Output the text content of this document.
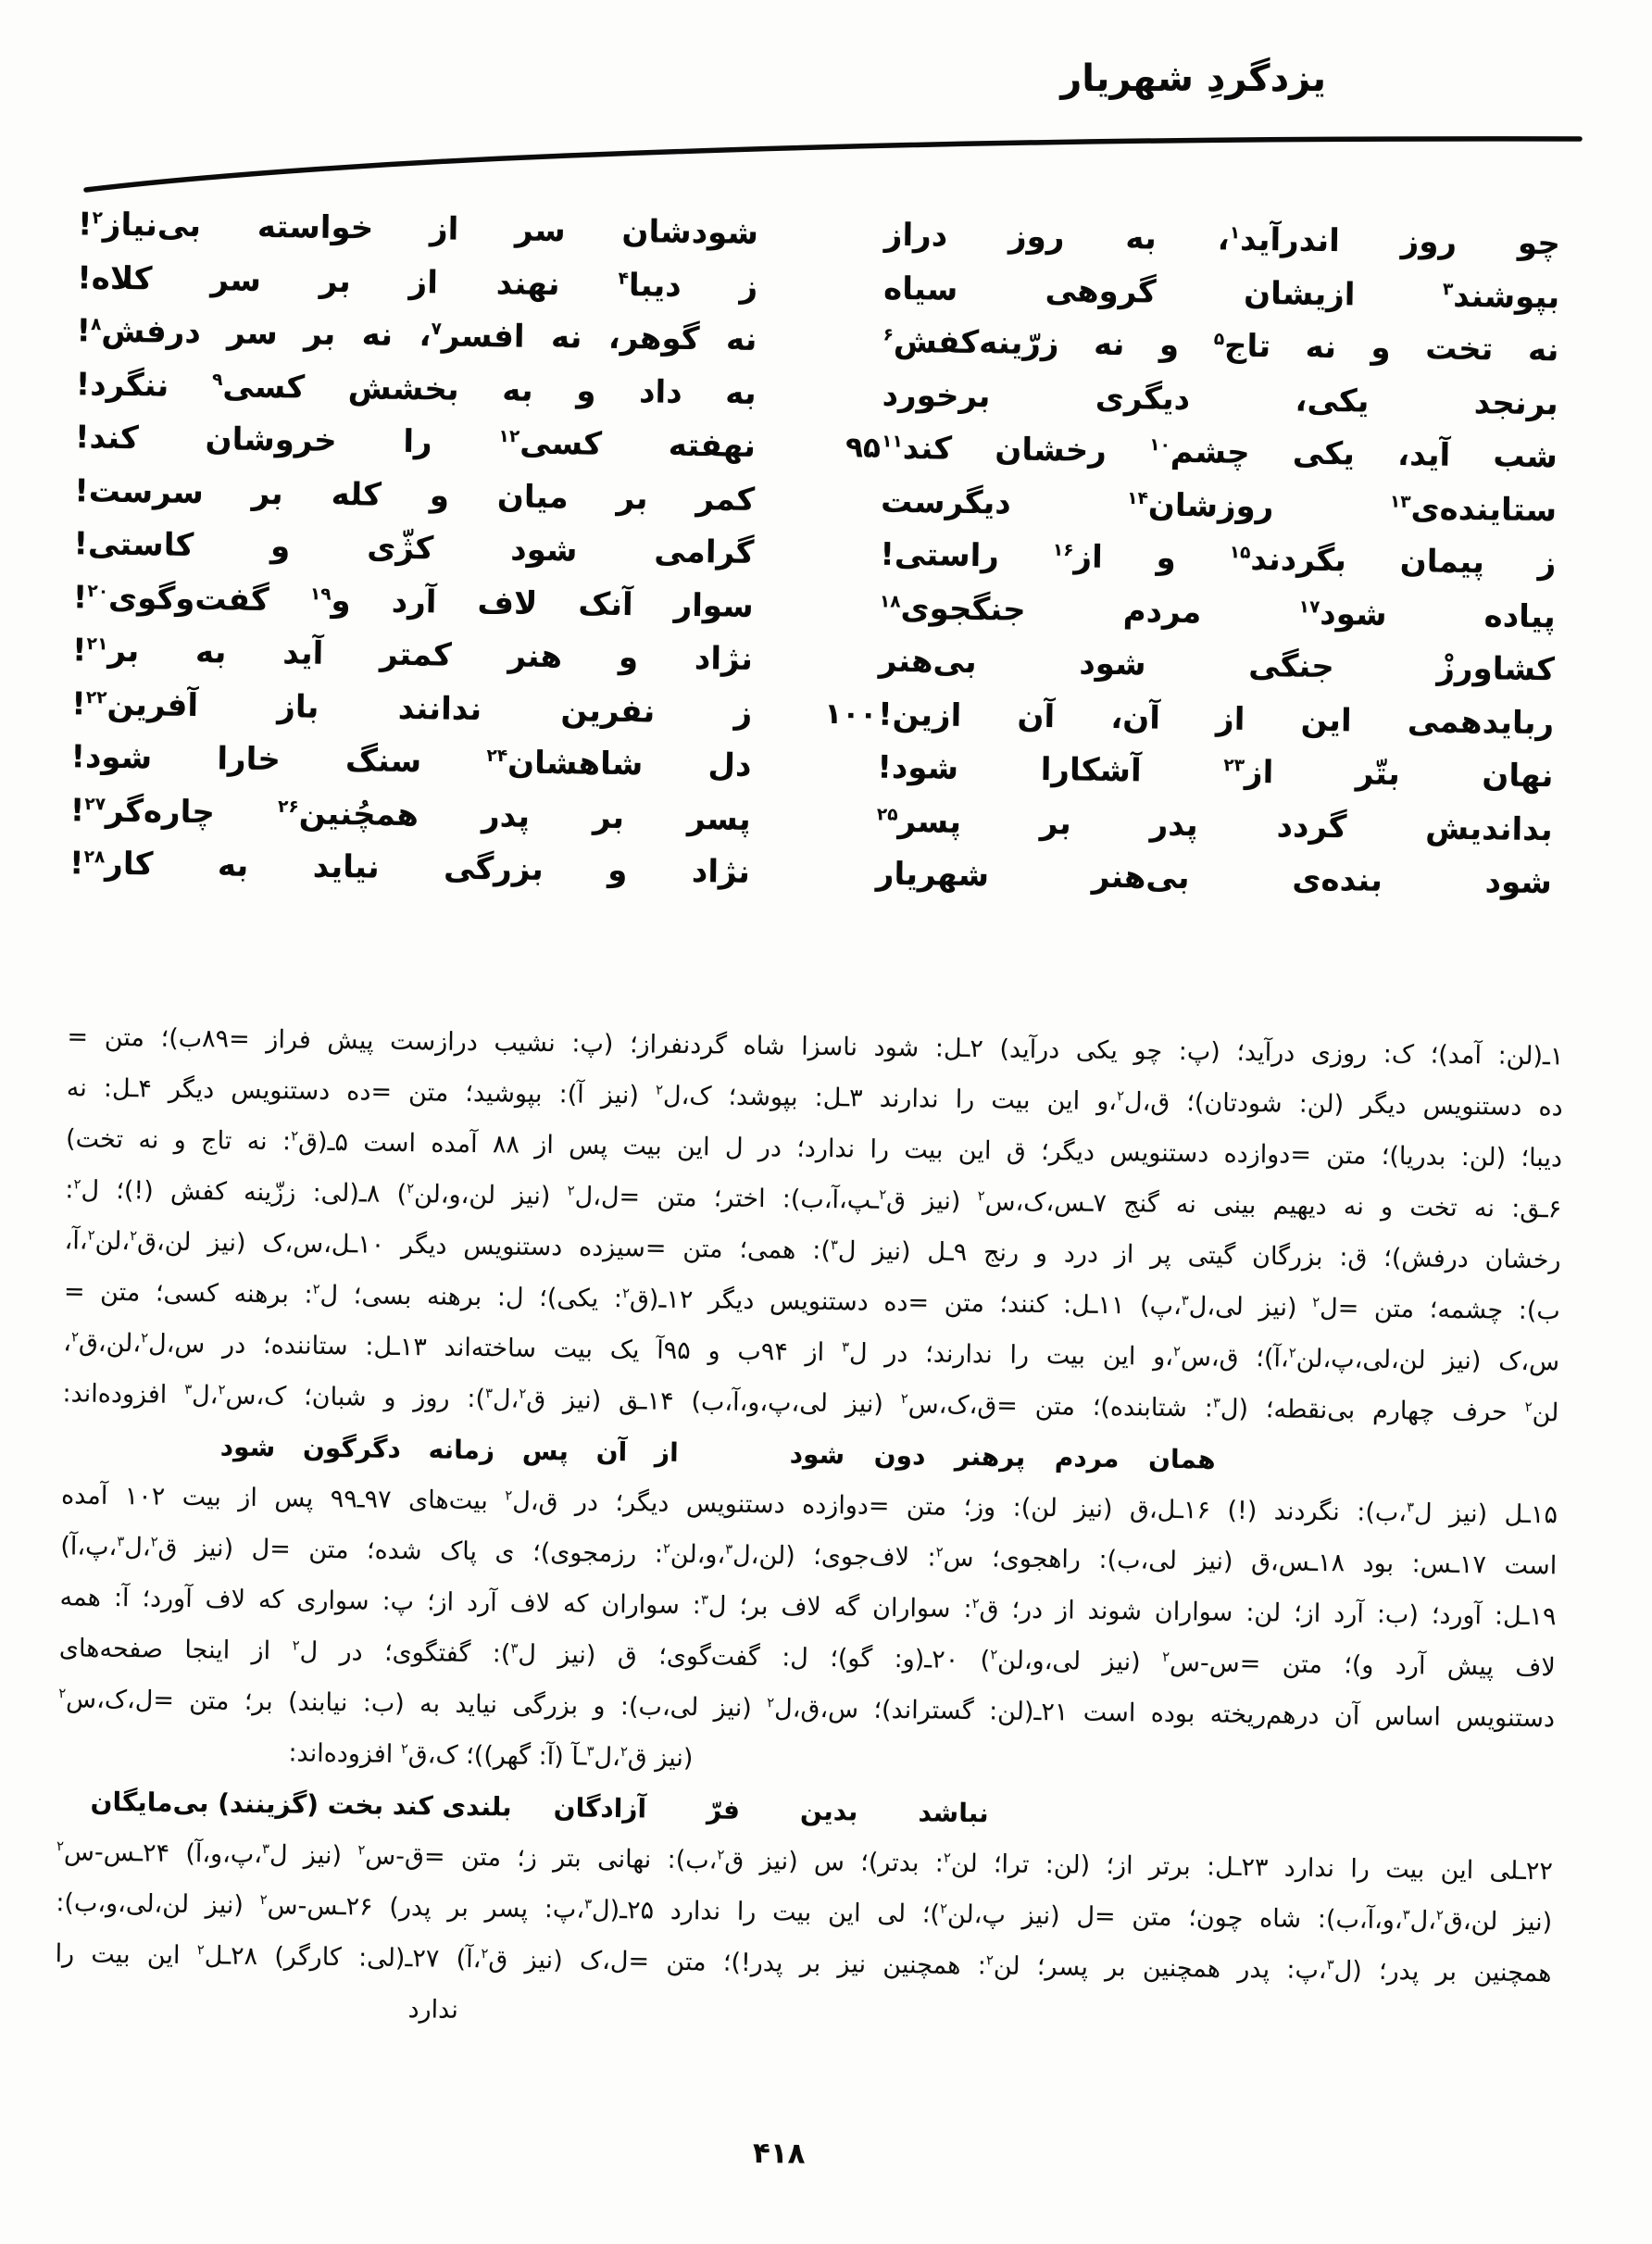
یزدگردِ شهریار
چو روز اندرآید$^۱$، به روز دراز
شودشان سر از خواسته بی‌نیاز$^۲$!
بپوشند$^۳$ ازیشان گروهی سیاه
ز دیبا$^۴$ نهند از بر سر کلاه!
نه تخت و نه تاج$^۵$ و نه زرّینه‌کفش$^۶$
نه گوهر، نه افسر$^۷$، نه بر سر درفش$^۸$!
برنجد یکی، دیگری برخورد
به داد و به بخشش کسی$^۹$ ننگرد!
۹۵	شب آید، یکی چشم$^{۱۰}$ رخشان کند$^{۱۱}$
نهفته کسی$^{۱۲}$ را خروشان کند!
ستاینده‌ی$^{۱۳}$ روزشان$^{۱۴}$ دیگرست
کمر بر میان و کله بر سرست!
ز پیمان بگردند$^{۱۵}$ و از$^{۱۶}$ راستی!
گرامی شود کژّی و کاستی!
پیاده شود$^{۱۷}$ مردم جنگجوی$^{۱۸}$
سوار آنک لاف آرد و$^{۱۹}$ گفت‌وگوی$^{۲۰}$!
کشاورزْ جنگی شود بی‌هنر
نژاد و هنر کمتر آید به بر$^{۲۱}$!
۱۰۰ ربایدهمی این از آن، آن ازین!
ز نفرین ندانند باز آفرین$^{۲۲}$!
نهان بتّر از$^{۲۳}$ آشکارا شود!
دل شاهشان$^{۲۴}$ سنگ خارا شود!
بداندیش گردد پدر بر پسر$^{۲۵}$
پسر بر پدر همچُنین$^{۲۶}$ چاره‌گر$^{۲۷}$!
شود بنده‌ی بی‌هنر شهریار
نژاد و بزرگی نیاید به کار$^{۲۸}$!
۱ـ(لن: آمد)؛ ک: روزی درآید؛ (پ: چو یکی درآید) ۲ـل: شود ناسزا شاه گردنفراز؛ (پ: نشیب درازست پیش فراز =۸۹ب)؛ متن =
ده دستنویس دیگر (لن: شودتان)؛ ق،ل$^۲$،و این بیت را ندارند ۳ـل: بپوشد؛ ک،ل$^۲$ (نیز آ): بپوشید؛ متن =ده دستنویس دیگر ۴ـل: نه
دیبا؛ (لن: بدریا)؛ متن =دوازده دستنویس دیگر؛ ق این بیت را ندارد؛ در ل این بیت پس از ۸۸ آمده است ۵ـ(ق$^۲$: نه تاج و نه تخت)
۶ـق: نه تخت و نه دیهیم بینی نه گنج ۷ـس،ک،س$^۲$ (نیز ق$^۲$ـپ،آ،ب): اختر؛ متن =ل،ل$^۲$ (نیز لن،و،لن$^۲$) ۸ـ(لی: ززّینه کفش (!)؛ ل$^۲$:
رخشان درفش)؛ ق: بزرگان گیتی پر از درد و رنج ۹ـل (نیز ل$^۳$): همی؛ متن =سیزده دستنویس دیگر ۱۰ـل،س،ک (نیز لن،ق$^۲$،لن$^۲$،آ،
ب): چشمه؛ متن =ل$^۲$ (نیز لی،ل$^۳$،پ) ۱۱ـل: کنند؛ متن =ده دستنویس دیگر ۱۲ـ(ق$^۲$: یکی)؛ ل: برهنه بسی؛ ل$^۲$: برهنه کسی؛ متن =
س،ک (نیز لن،لی،پ،لن$^۲$،آ)؛ ق،س$^۲$،و این بیت را ندارند؛ در ل$^۳$ از ۹۴ب و ۹۵آ یک بیت ساخته‌اند ۱۳ـل: ستاننده؛ در س،ل$^۲$،لن،ق$^۲$،
لن$^۲$ حرف چهارم بی‌نقطه؛ (ل$^۳$: شتابنده)؛ متن =ق،ک،س$^۲$ (نیز لی،پ،و،آ،ب) ۱۴ـق (نیز ق$^۲$،ل$^۳$): روز و شبان؛ ک،س$^۲$،ل$^۳$ افزوده‌اند:
همان مردم پرهنر دون شود
از آن پس زمانه دگرگون شود
۱۵ـل (نیز ل$^۳$،ب): نگردند (!) ۱۶ـل،ق (نیز لن): وز؛ متن =دوازده دستنویس دیگر؛ در ق،ل$^۲$ بیت‌های ۹۷ـ۹۹ پس از بیت ۱۰۲ آمده
است ۱۷ـس: بود ۱۸ـس،ق (نیز لی،ب): راهجوی؛ س$^۲$: لاف‌جوی؛ (لن،ل$^۳$،و،لن$^۲$: رزمجوی)؛ ی پاک شده؛ متن =ل (نیز ق$^۲$،ل$^۳$،پ،آ)
۱۹ـل: آورد؛ (ب: آرد از؛ لن: سواران شوند از در؛ ق$^۲$: سواران گه لاف بر؛ ل$^۳$: سواران که لاف آرد از؛ پ: سواری که لاف آورد؛ آ: همه
لاف پیش آرد و)؛ متن =س-س$^۲$ (نیز لی،و،لن$^۲$) ۲۰ـ(و: گو)؛ ل: گفت‌گوی؛ ق (نیز ل$^۳$): گفتگوی؛ در ل$^۲$ از اینجا صفحه‌های
دستنویس اساس آن درهم‌ریخته بوده است ۲۱ـ(لن: گستراند)؛ س،ق،ل$^۲$ (نیز لی،ب): و بزرگی نیاید به (ب: نیابند) بر؛ متن =ل،ک،س$^۲$
(نیز ق$^۲$،ل$^۳$ـآ (آ: گهر))؛ ک،ق$^۲$ افزوده‌اند:
نباشد بدین فرّ آزادگان
بلندی کند بخت (گزینند) بی‌مایگان
۲۲ـلی این بیت را ندارد ۲۳ـل: برتر از؛ (لن: ترا؛ لن$^۲$: بدتر)؛ س (نیز ق$^۲$،ب): نهانی بتر ز؛ متن =ق-س$^۲$ (نیز ل$^۳$،پ،و،آ) ۲۴ـس-س$^۲$
(نیز لن،ق$^۲$،ل$^۳$،و،آ،ب): شاه چون؛ متن =ل (نیز پ،لن$^۲$)؛ لی این بیت را ندارد ۲۵ـ(ل$^۳$،پ: پسر بر پدر) ۲۶ـس-س$^۲$ (نیز لن،لی،و،ب):
همچنین بر پدر؛ (ل$^۳$،پ: پدر همچنین بر پسر؛ لن$^۲$: همچنین نیز بر پدر!)؛ متن =ل،ک (نیز ق$^۲$،آ) ۲۷ـ(لی: کارگر) ۲۸ـل$^۲$ این بیت را
ندارد
۴۱۸
